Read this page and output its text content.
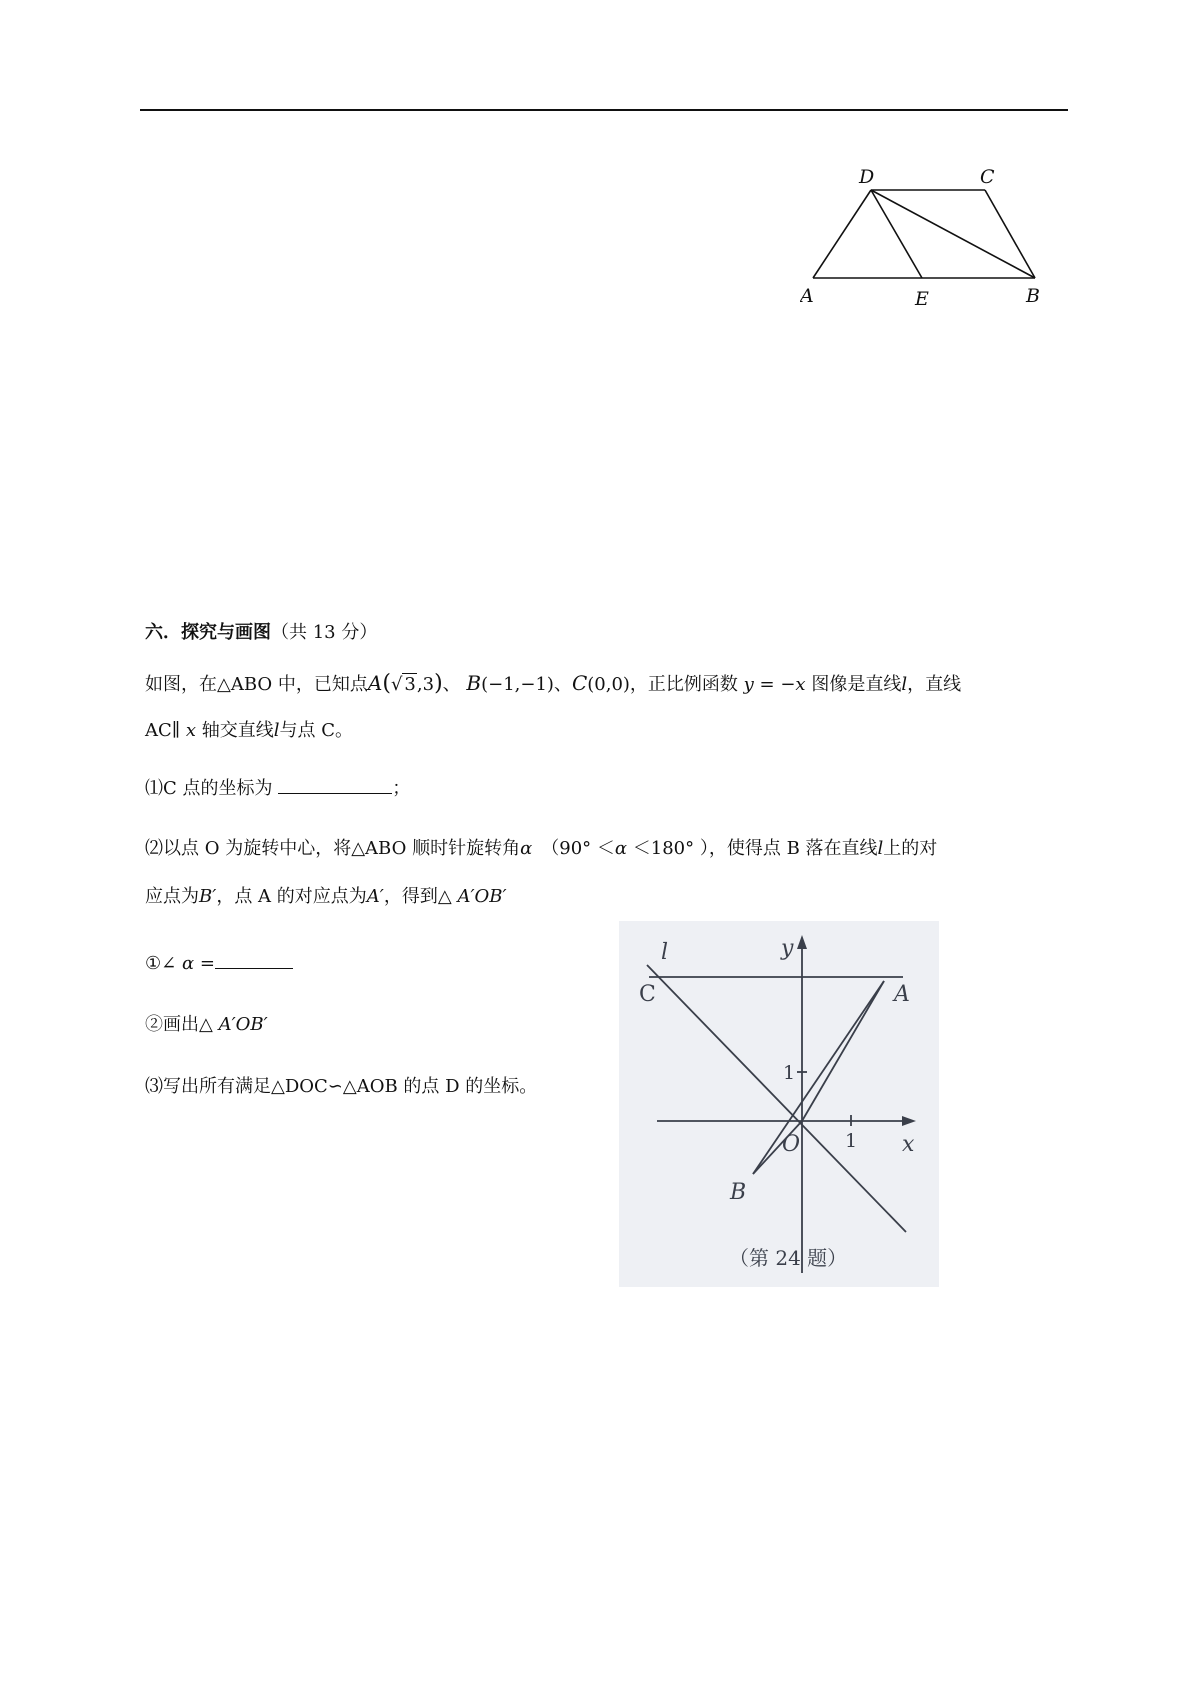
D	C
A	E	B
六．探究与画图（共 13 分）
如图，在△ABO 中，已知点A(√ 3,3)、 B(−1,−1)、C(0,0)，正比例函数 y = −x 图像是直线l，直线
AC∥ x 轴交直线l与点 C。
⑴C 点的坐标为	；
⑵以点 O 为旋转中心，将△ABO 顺时针旋转角α　 （90° ＜α ＜180° ），使得点 B 落在直线l上的对
应点为B′，点 A 的对应点为A′，得到△ A′OB′
①∠ α =
②画出△ A′OB′
⑶写出所有满足△DOC∽△AOB 的点 D 的坐标。
y
x
l
C	A
B
O
1
1
（第 24 题）
